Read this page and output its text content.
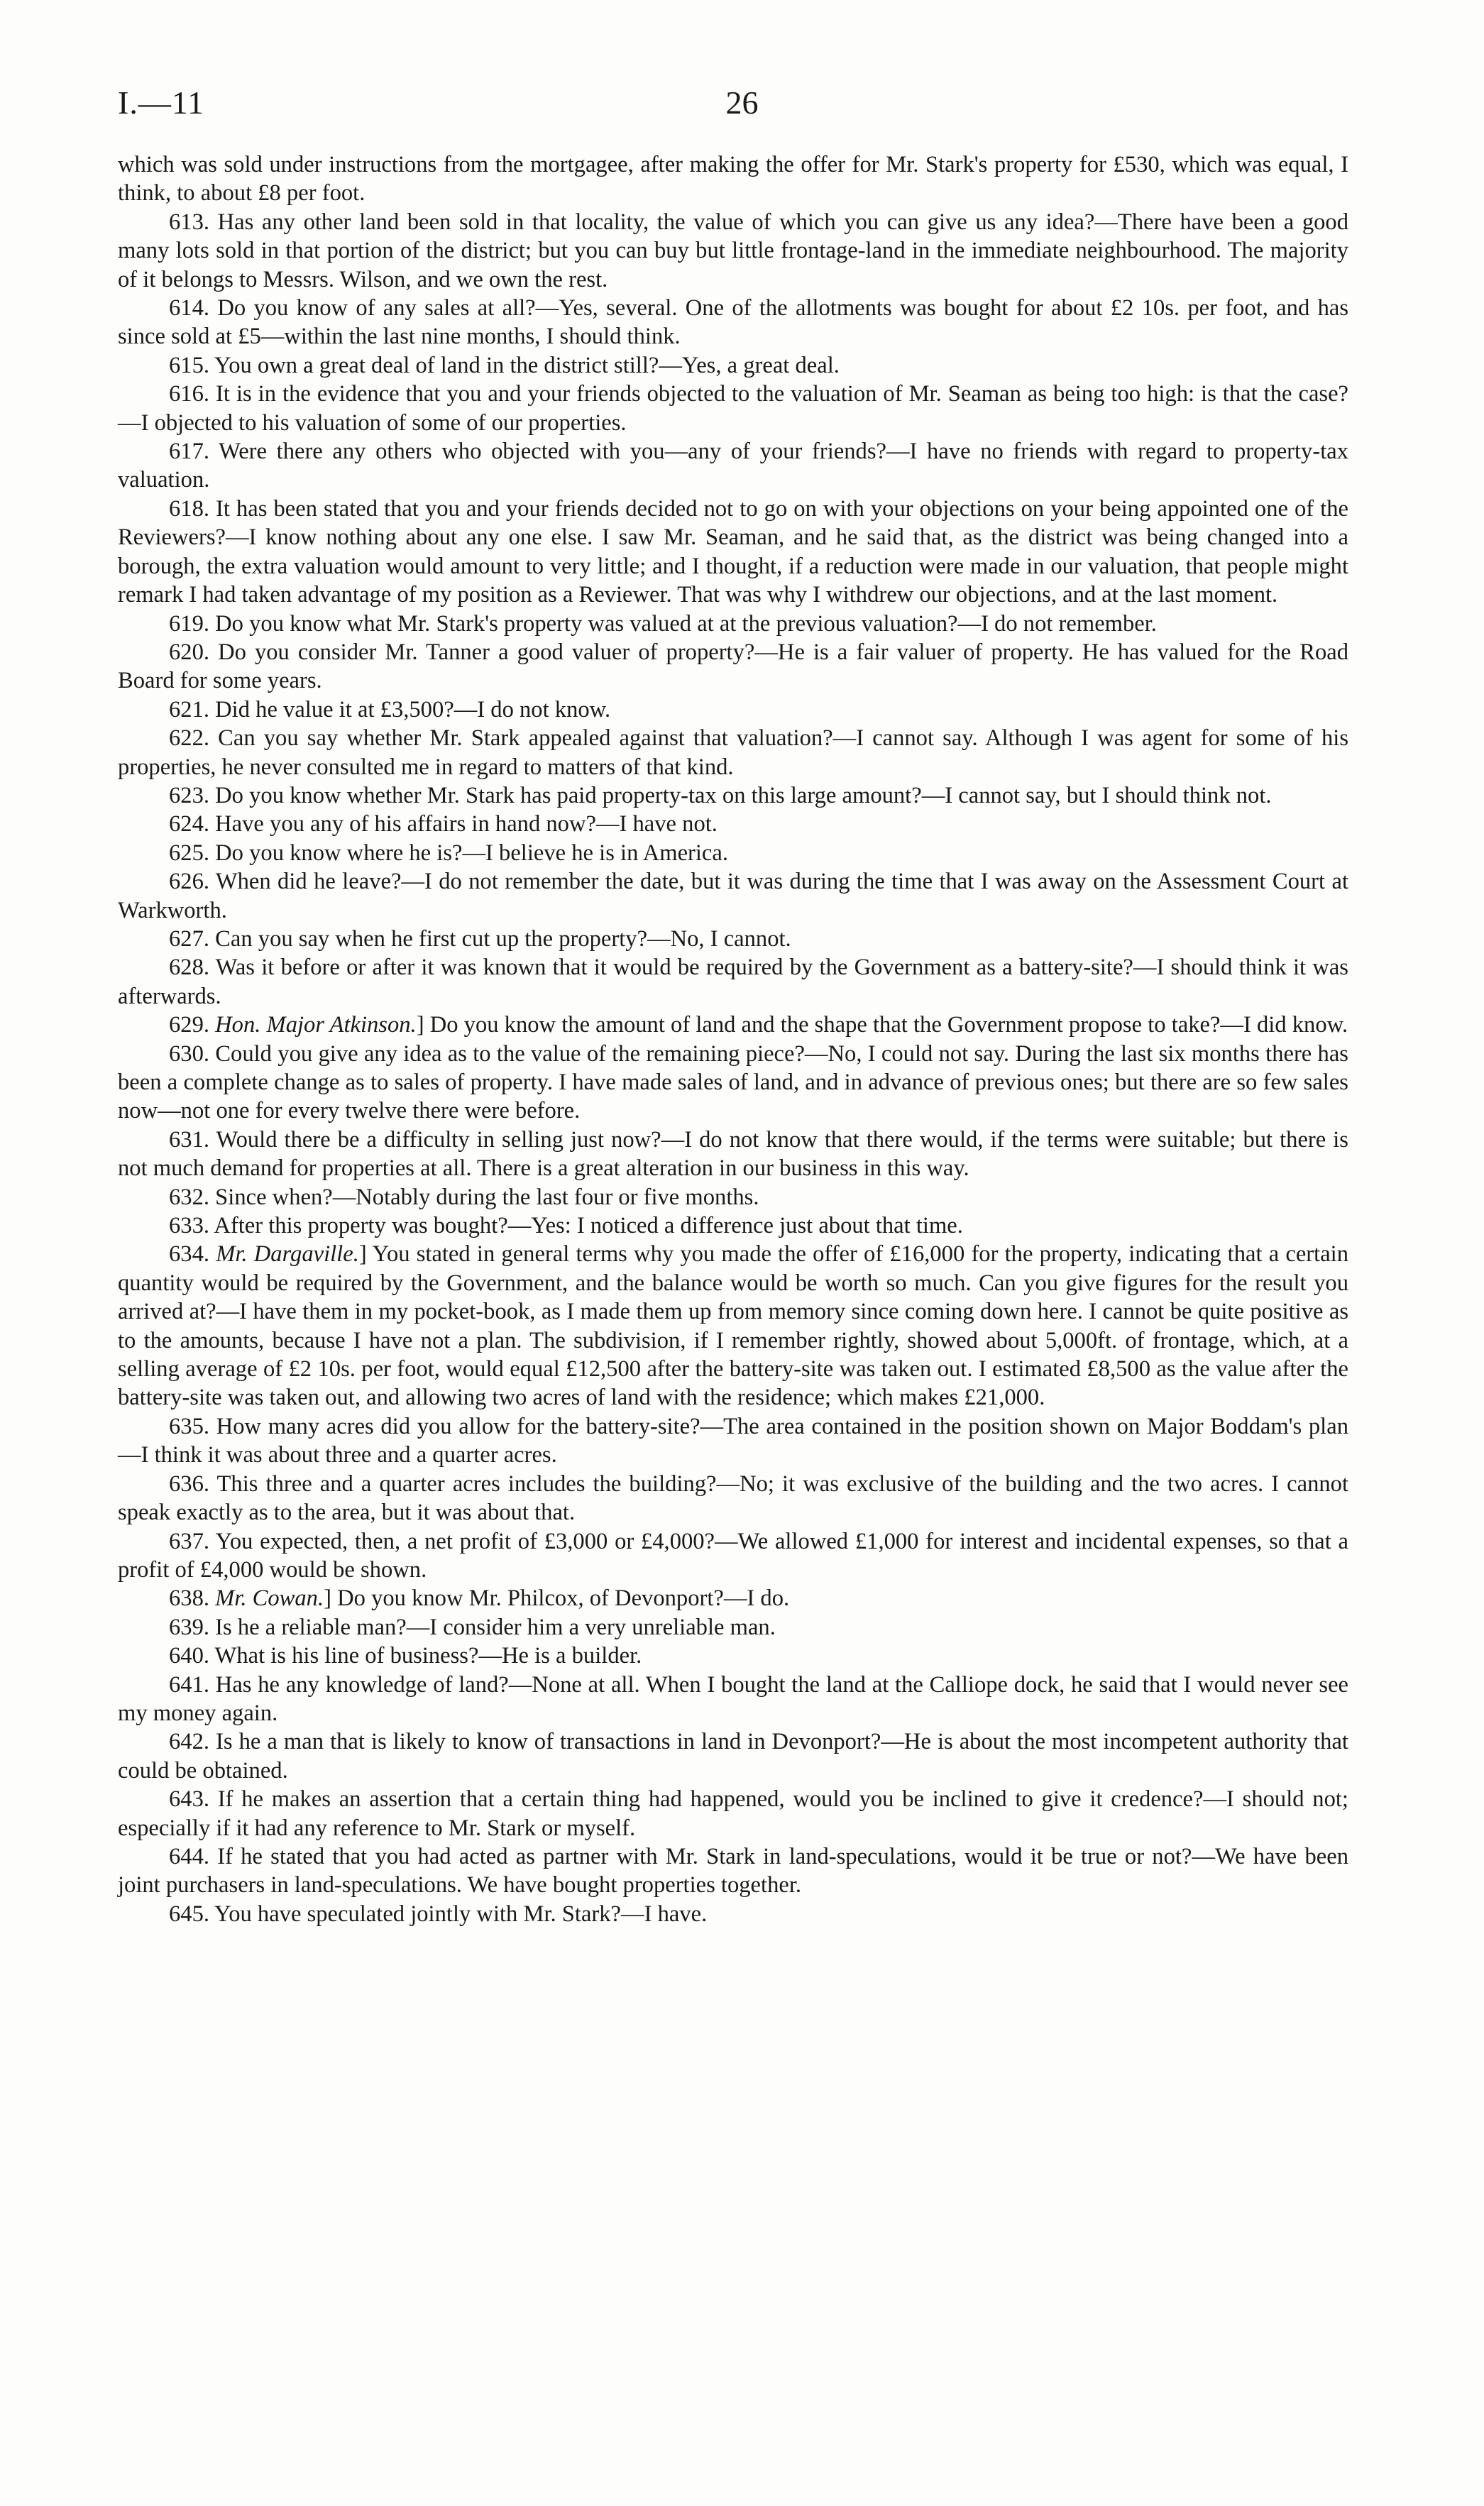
I.—11	26

which was sold under instructions from the mortgagee, after making the offer for Mr. Stark's property for £530, which was equal, I think, to about £8 per foot.

613. Has any other land been sold in that locality, the value of which you can give us any idea?—There have been a good many lots sold in that portion of the district; but you can buy but little frontage-land in the immediate neighbourhood. The majority of it belongs to Messrs. Wilson, and we own the rest.

614. Do you know of any sales at all?—Yes, several. One of the allotments was bought for about £2 10s. per foot, and has since sold at £5—within the last nine months, I should think.

615. You own a great deal of land in the district still?—Yes, a great deal.

616. It is in the evidence that you and your friends objected to the valuation of Mr. Seaman as being too high: is that the case?—I objected to his valuation of some of our properties.

617. Were there any others who objected with you—any of your friends?—I have no friends with regard to property-tax valuation.

618. It has been stated that you and your friends decided not to go on with your objections on your being appointed one of the Reviewers?—I know nothing about any one else. I saw Mr. Seaman, and he said that, as the district was being changed into a borough, the extra valuation would amount to very little; and I thought, if a reduction were made in our valuation, that people might remark I had taken advantage of my position as a Reviewer. That was why I withdrew our objections, and at the last moment.

619. Do you know what Mr. Stark's property was valued at at the previous valuation?—I do not remember.

620. Do you consider Mr. Tanner a good valuer of property?—He is a fair valuer of property. He has valued for the Road Board for some years.

621. Did he value it at £3,500?—I do not know.

622. Can you say whether Mr. Stark appealed against that valuation?—I cannot say. Although I was agent for some of his properties, he never consulted me in regard to matters of that kind.

623. Do you know whether Mr. Stark has paid property-tax on this large amount?—I cannot say, but I should think not.

624. Have you any of his affairs in hand now?—I have not.

625. Do you know where he is?—I believe he is in America.

626. When did he leave?—I do not remember the date, but it was during the time that I was away on the Assessment Court at Warkworth.

627. Can you say when he first cut up the property?—No, I cannot.

628. Was it before or after it was known that it would be required by the Government as a battery-site?—I should think it was afterwards.

629. Hon. Major Atkinson.] Do you know the amount of land and the shape that the Government propose to take?—I did know.

630. Could you give any idea as to the value of the remaining piece?—No, I could not say. During the last six months there has been a complete change as to sales of property. I have made sales of land, and in advance of previous ones; but there are so few sales now—not one for every twelve there were before.

631. Would there be a difficulty in selling just now?—I do not know that there would, if the terms were suitable; but there is not much demand for properties at all. There is a great alteration in our business in this way.

632. Since when?—Notably during the last four or five months.

633. After this property was bought?—Yes: I noticed a difference just about that time.

634. Mr. Dargaville.] You stated in general terms why you made the offer of £16,000 for the property, indicating that a certain quantity would be required by the Government, and the balance would be worth so much. Can you give figures for the result you arrived at?—I have them in my pocket-book, as I made them up from memory since coming down here. I cannot be quite positive as to the amounts, because I have not a plan. The subdivision, if I remember rightly, showed about 5,000ft. of frontage, which, at a selling average of £2 10s. per foot, would equal £12,500 after the battery-site was taken out. I estimated £8,500 as the value after the battery-site was taken out, and allowing two acres of land with the residence; which makes £21,000.

635. How many acres did you allow for the battery-site?—The area contained in the position shown on Major Boddam's plan—I think it was about three and a quarter acres.

636. This three and a quarter acres includes the building?—No; it was exclusive of the building and the two acres. I cannot speak exactly as to the area, but it was about that.

637. You expected, then, a net profit of £3,000 or £4,000?—We allowed £1,000 for interest and incidental expenses, so that a profit of £4,000 would be shown.

638. Mr. Cowan.] Do you know Mr. Philcox, of Devonport?—I do.

639. Is he a reliable man?—I consider him a very unreliable man.

640. What is his line of business?—He is a builder.

641. Has he any knowledge of land?—None at all. When I bought the land at the Calliope dock, he said that I would never see my money again.

642. Is he a man that is likely to know of transactions in land in Devonport?—He is about the most incompetent authority that could be obtained.

643. If he makes an assertion that a certain thing had happened, would you be inclined to give it credence?—I should not; especially if it had any reference to Mr. Stark or myself.

644. If he stated that you had acted as partner with Mr. Stark in land-speculations, would it be true or not?—We have been joint purchasers in land-speculations. We have bought properties together.

645. You have speculated jointly with Mr. Stark?—I have.
